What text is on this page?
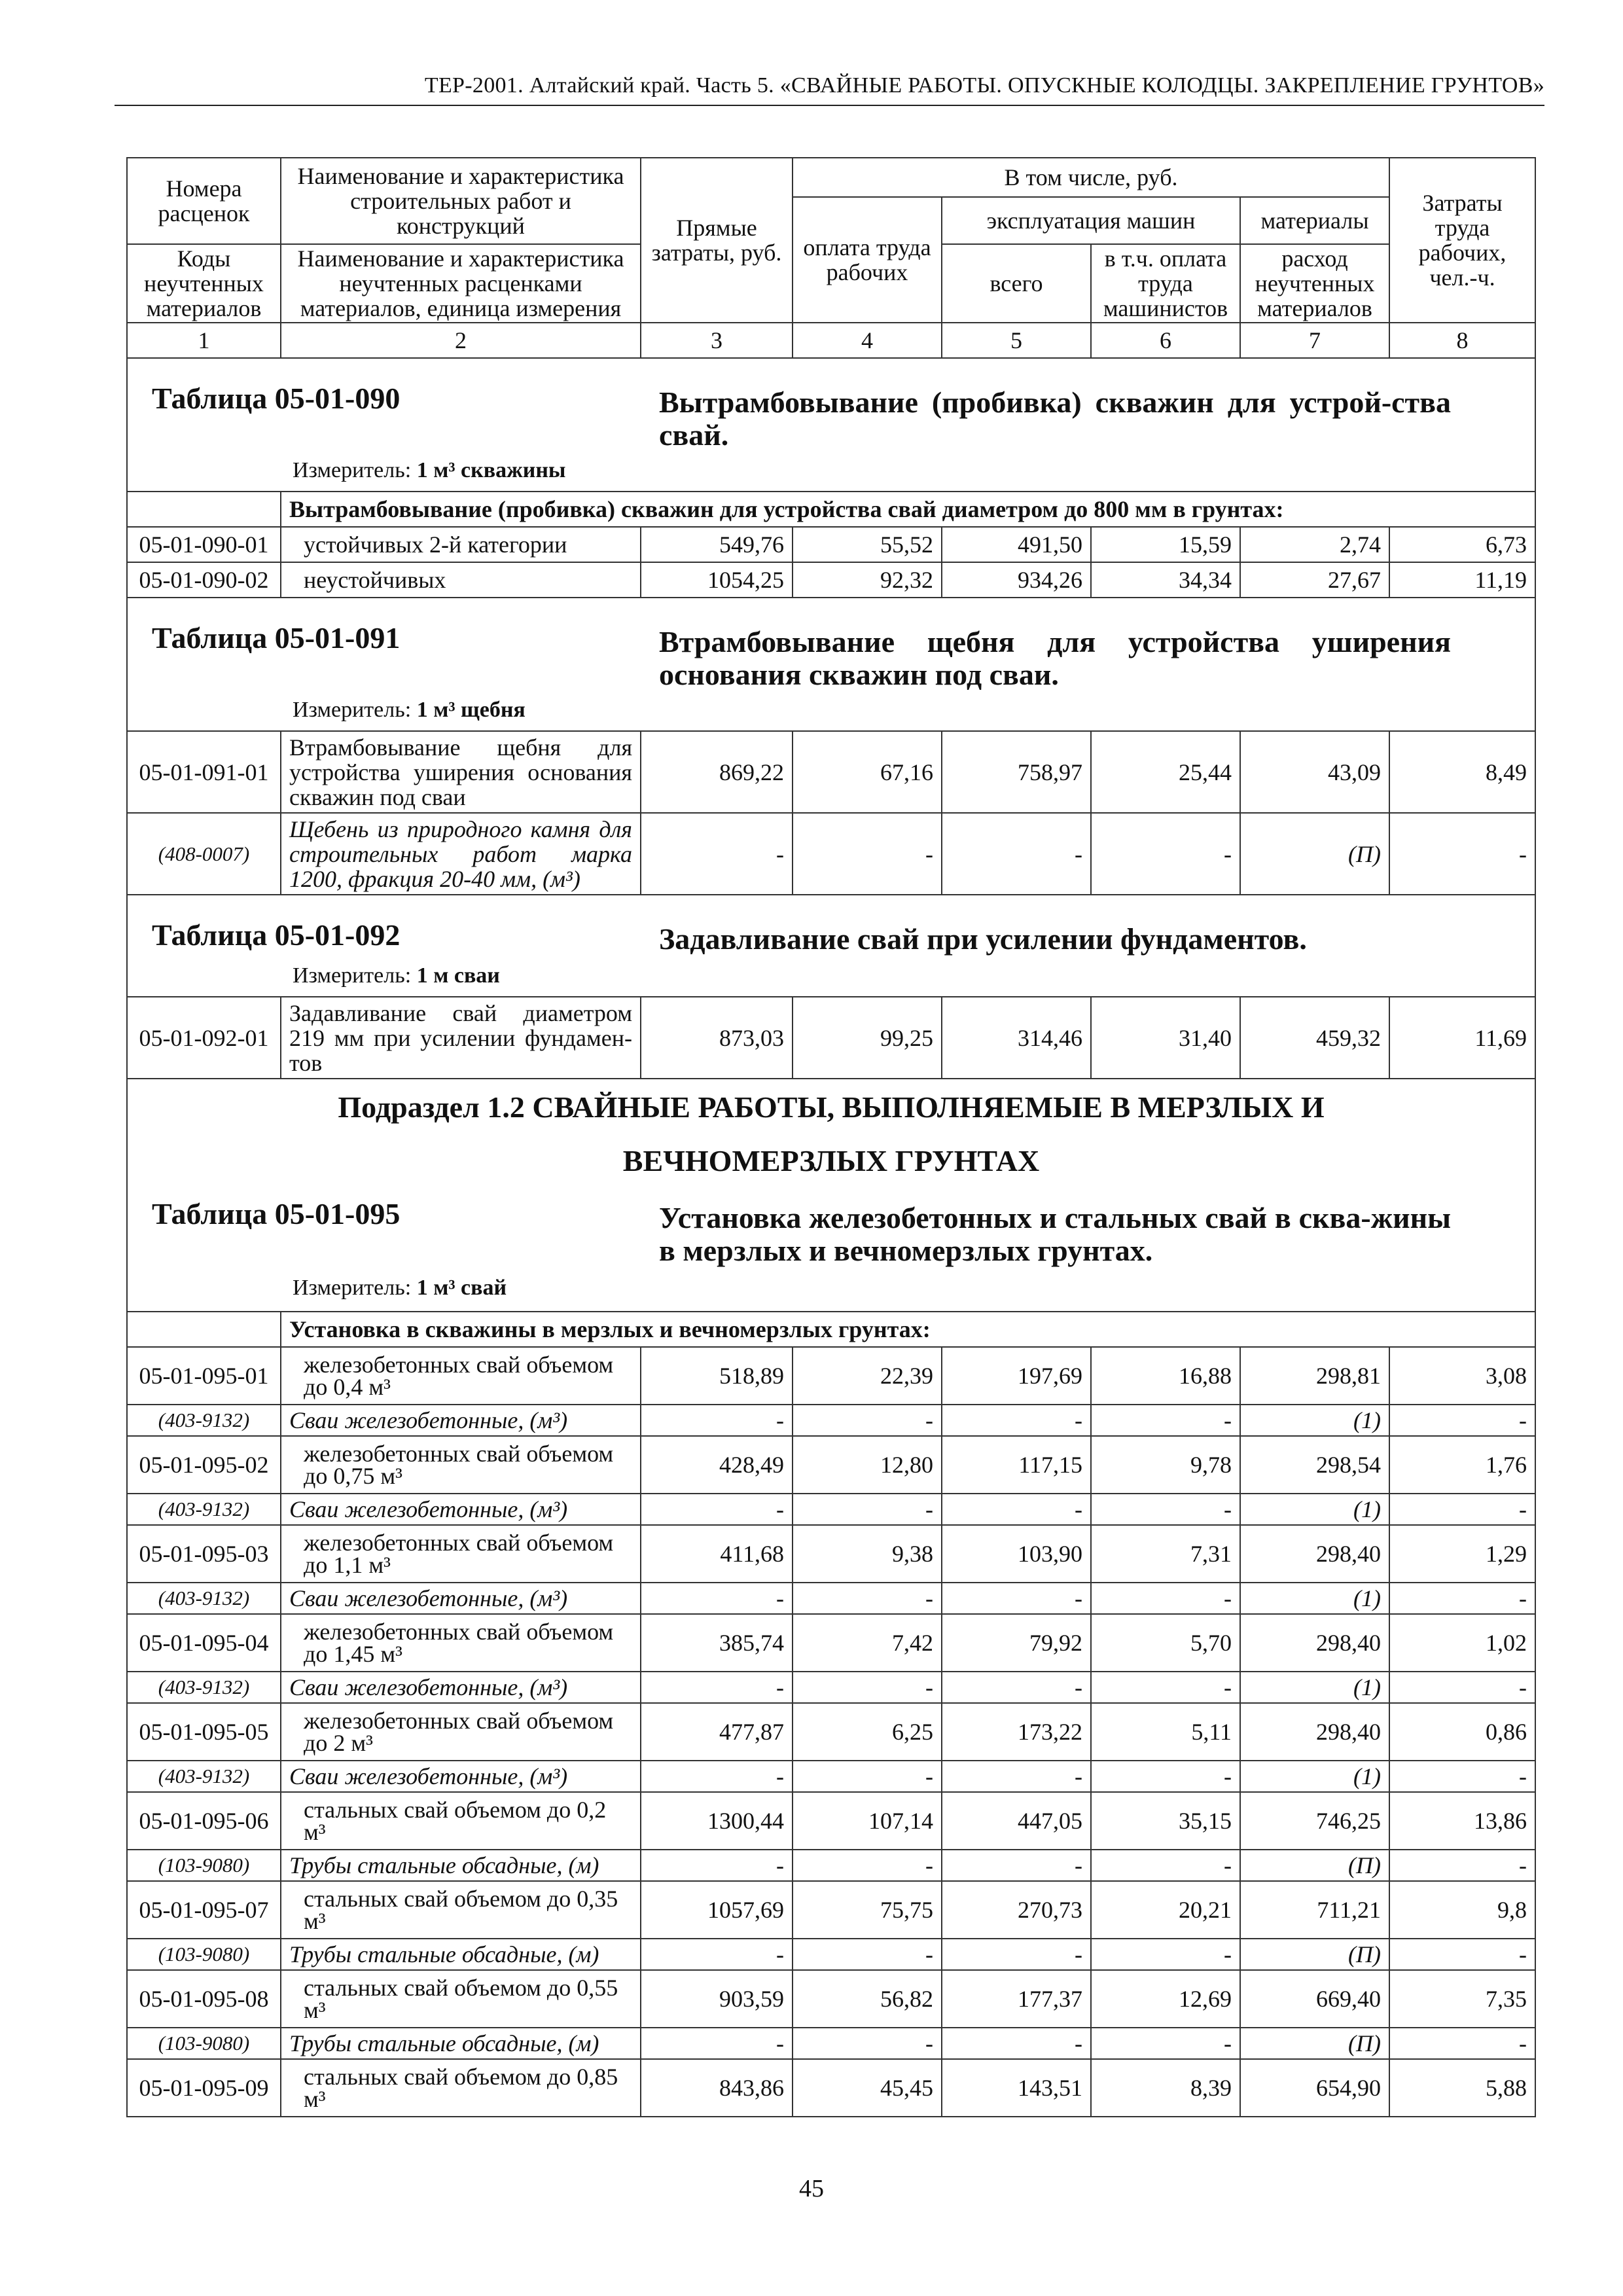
ТЕР-2001. Алтайский край. Часть 5. «СВАЙНЫЕ РАБОТЫ. ОПУСКНЫЕ КОЛОДЦЫ. ЗАКРЕПЛЕНИЕ ГРУНТОВ»
Номера расценок	Наименование и характеристика строительных работ и конструкций	Прямые затраты, руб.	В том числе, руб.				Затраты труда рабочих, чел.-ч.
			оплата труда рабочих	эксплуатация машин		материалы	
Коды неучтенных материалов	Наименование и характеристика неучтенных расценками материалов, единица измерения			всего	в т.ч. оплата труда машинистов	расход неучтенных материалов	
1	2	3	4	5	6	7	8

Таблица 05-01-090 Вытрамбовывание (пробивка) скважин для устрой-ства свай.
Измеритель: 1 м³ скважины							

	Вытрамбовывание (пробивка) скважин для устройства свай диаметром до 800 мм в грунтах:						
05-01-090-01	устойчивых 2-й категории	549,76	55,52	491,50	15,59	2,74	6,73
05-01-090-02	неустойчивых	1054,25	92,32	934,26	34,34	27,67	11,19

Таблица 05-01-091 Втрамбовывание щебня для устройства уширения основания скважин под сваи.
Измеритель: 1 м³ щебня							

05-01-091-01	Втрамбовывание щебня для устройства уширения основания скважин под сваи	869,22	67,16	758,97	25,44	43,09	8,49
(408-0007)	Щебень из природного камня для строительных работ марка 1200, фракция 20-40 мм, (м³)	-	-	-	-	(П)	-

Таблица 05-01-092 Задавливание свай при усилении фундаментов.
Измеритель: 1 м сваи							

05-01-092-01	Задавливание свай диаметром 219 мм при усилении фундамен-тов	873,03	99,25	314,46	31,40	459,32	11,69

Подраздел 1.2 СВАЙНЫЕ РАБОТЫ, ВЫПОЛНЯЕМЫЕ В МЕРЗЛЫХ И
ВЕЧНОМЕРЗЛЫХ ГРУНТАХ
Таблица 05-01-095 Установка железобетонных и стальных свай в сква-жины в мерзлых и вечномерзлых грунтах.
Измеритель: 1 м³ свай							

	Установка в скважины в мерзлых и вечномерзлых грунтах:						
05-01-095-01	железобетонных свай объемом до 0,4 м³	518,89	22,39	197,69	16,88	298,81	3,08
(403-9132)	Сваи железобетонные, (м³)	-	-	-	-	(1)	-
05-01-095-02	железобетонных свай объемом до 0,75 м³	428,49	12,80	117,15	9,78	298,54	1,76
(403-9132)	Сваи железобетонные, (м³)	-	-	-	-	(1)	-
05-01-095-03	железобетонных свай объемом до 1,1 м³	411,68	9,38	103,90	7,31	298,40	1,29
(403-9132)	Сваи железобетонные, (м³)	-	-	-	-	(1)	-
05-01-095-04	железобетонных свай объемом до 1,45 м³	385,74	7,42	79,92	5,70	298,40	1,02
(403-9132)	Сваи железобетонные, (м³)	-	-	-	-	(1)	-
05-01-095-05	железобетонных свай объемом до 2 м³	477,87	6,25	173,22	5,11	298,40	0,86
(403-9132)	Сваи железобетонные, (м³)	-	-	-	-	(1)	-
05-01-095-06	стальных свай объемом до 0,2 м³	1300,44	107,14	447,05	35,15	746,25	13,86
(103-9080)	Трубы стальные обсадные, (м)	-	-	-	-	(П)	-
05-01-095-07	стальных свай объемом до 0,35 м³	1057,69	75,75	270,73	20,21	711,21	9,8
(103-9080)	Трубы стальные обсадные, (м)	-	-	-	-	(П)	-
05-01-095-08	стальных свай объемом до 0,55 м³	903,59	56,82	177,37	12,69	669,40	7,35
(103-9080)	Трубы стальные обсадные, (м)	-	-	-	-	(П)	-
05-01-095-09	стальных свай объемом до 0,85 м³	843,86	45,45	143,51	8,39	654,90	5,88
45
